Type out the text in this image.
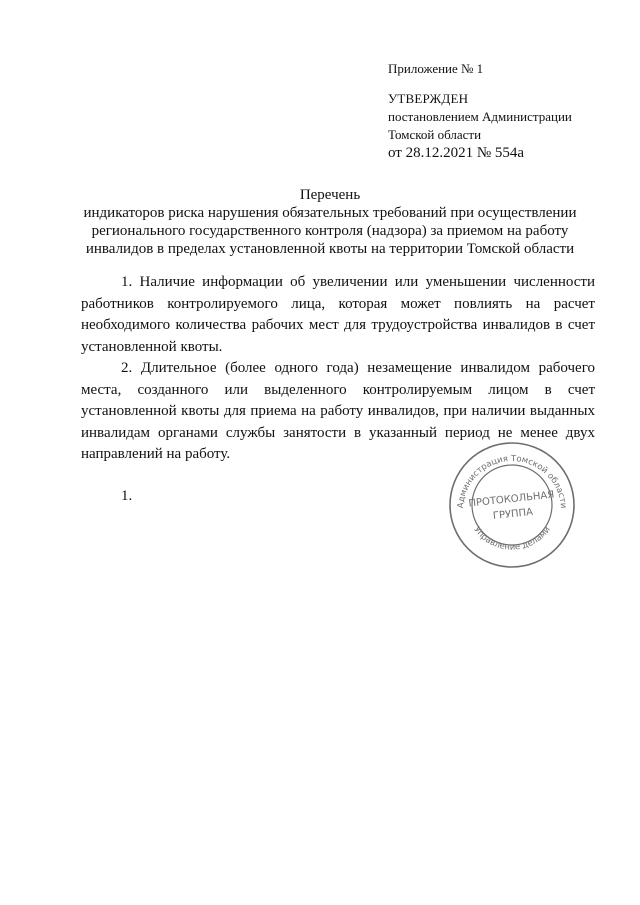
Приложение № 1
УТВЕРЖДЕН
постановлением Администрации
Томской области
от 28.12.2021 № 554а
Перечень
индикаторов риска нарушения обязательных требований при осуществлении
регионального государственного контроля (надзора) за приемом на работу
инвалидов в пределах установленной квоты на территории Томской области

1. Наличие информации об увеличении или уменьшении численности работников контролируемого лица, которая может повлиять на расчет необходимого количества рабочих мест для трудоустройства инвалидов в счет установленной квоты.

2. Длительное (более одного года) незамещение инвалидом рабочего места, созданного или выделенного контролируемым лицом в счет установленной квоты для приема на работу инвалидов, при наличии выданных инвалидам органами службы занятости в указанный период не менее двух направлений на работу.

1.

Администрация Томской области
Управление делами
ПРОТОКОЛЬНАЯ
ГРУППА
